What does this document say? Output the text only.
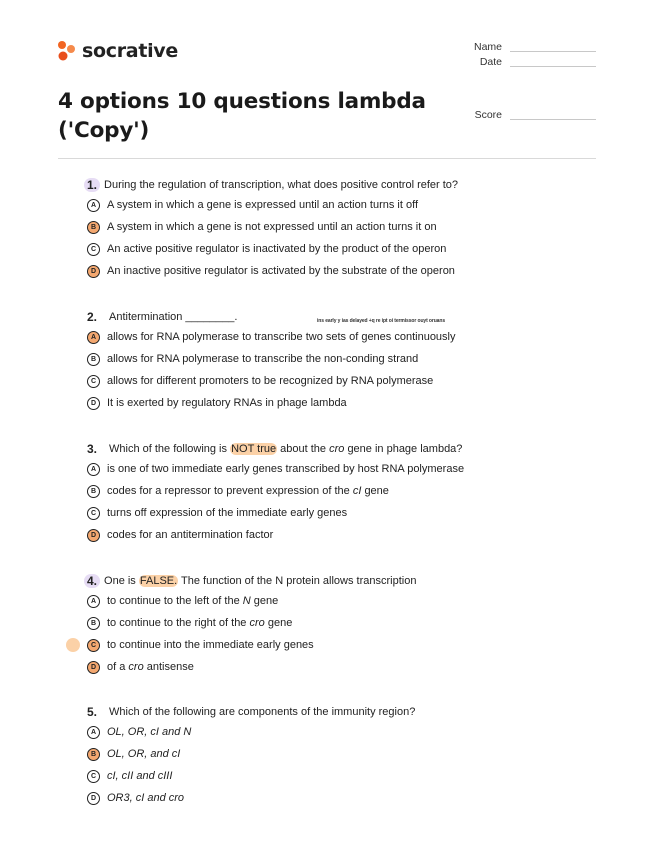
socrative	Name
Date
Score
4 options 10 questions lambda ('Copy')
1. During the regulation of transcription, what does positive control refer to?
A A system in which a gene is expressed until an action turns it off
B A system in which a gene is not expressed until an action turns it on
C An active positive regulator is inactivated by the product of the operon
D An inactive positive regulator is activated by the substrate of the operon
2.	Antitermination ________.	ins early y ias delayed +q re ipt oi termissor ouyt oruans
A allows for RNA polymerase to transcribe two sets of genes continuously
B allows for RNA polymerase to transcribe the non-conding strand
C allows for different promoters to be recognized by RNA polymerase
D It is exerted by regulatory RNAs in phage lambda
3.	Which of the following is NOT true about the cro gene in phage lambda?
A is one of two immediate early genes transcribed by host RNA polymerase
B codes for a repressor to prevent expression of the cI gene
C turns off expression of the immediate early genes
D codes for an antitermination factor
4. One is FALSE. The function of the N protein allows transcription
A to continue to the left of the N gene
B to continue to the right of the cro gene
C to continue into the immediate early genes
D of a cro antisense
5.	Which of the following are components of the immunity region?
A OL, OR, cI and N
B OL, OR, and cI
C cI, cII and cIII
D OR3, cI and cro
